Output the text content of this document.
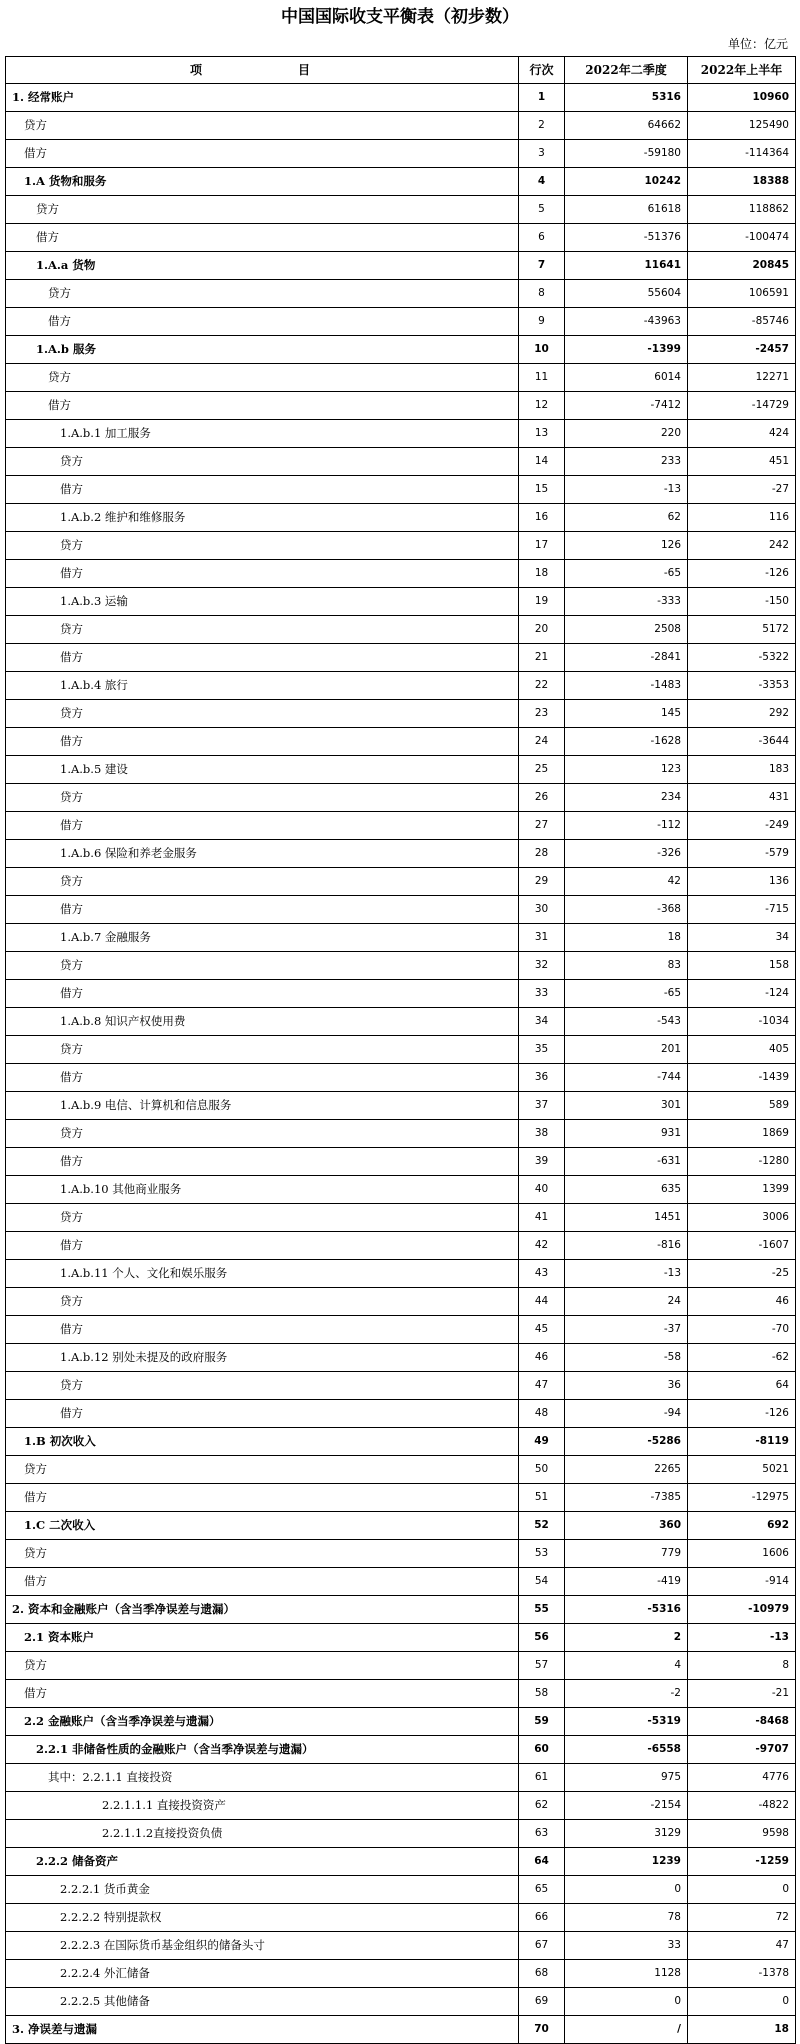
中国国际收支平衡表（初步数）
单位：亿元
项　　目	行次	2022年二季度	2022年上半年
1. 经常账户	1	5316	10960
贷方	2	64662	125490
借方	3	-59180	-114364
1.A 货物和服务	4	10242	18388
贷方	5	61618	118862
借方	6	-51376	-100474
1.A.a 货物	7	11641	20845
贷方	8	55604	106591
借方	9	-43963	-85746
1.A.b 服务	10	-1399	-2457
贷方	11	6014	12271
借方	12	-7412	-14729
1.A.b.1 加工服务	13	220	424
贷方	14	233	451
借方	15	-13	-27
1.A.b.2 维护和维修服务	16	62	116
贷方	17	126	242
借方	18	-65	-126
1.A.b.3 运输	19	-333	-150
贷方	20	2508	5172
借方	21	-2841	-5322
1.A.b.4 旅行	22	-1483	-3353
贷方	23	145	292
借方	24	-1628	-3644
1.A.b.5 建设	25	123	183
贷方	26	234	431
借方	27	-112	-249
1.A.b.6 保险和养老金服务	28	-326	-579
贷方	29	42	136
借方	30	-368	-715
1.A.b.7 金融服务	31	18	34
贷方	32	83	158
借方	33	-65	-124
1.A.b.8 知识产权使用费	34	-543	-1034
贷方	35	201	405
借方	36	-744	-1439
1.A.b.9 电信、计算机和信息服务	37	301	589
贷方	38	931	1869
借方	39	-631	-1280
1.A.b.10 其他商业服务	40	635	1399
贷方	41	1451	3006
借方	42	-816	-1607
1.A.b.11 个人、文化和娱乐服务	43	-13	-25
贷方	44	24	46
借方	45	-37	-70
1.A.b.12 别处未提及的政府服务	46	-58	-62
贷方	47	36	64
借方	48	-94	-126
1.B 初次收入	49	-5286	-8119
贷方	50	2265	5021
借方	51	-7385	-12975
1.C 二次收入	52	360	692
贷方	53	779	1606
借方	54	-419	-914
2. 资本和金融账户（含当季净误差与遗漏）	55	-5316	-10979
2.1 资本账户	56	2	-13
贷方	57	4	8
借方	58	-2	-21
2.2 金融账户（含当季净误差与遗漏）	59	-5319	-8468
2.2.1 非储备性质的金融账户（含当季净误差与遗漏）	60	-6558	-9707
其中：2.2.1.1 直接投资	61	975	4776
2.2.1.1.1 直接投资资产	62	-2154	-4822
2.2.1.1.2直接投资负债	63	3129	9598
2.2.2 储备资产	64	1239	-1259
2.2.2.1 货币黄金	65	0	0
2.2.2.2 特别提款权	66	78	72
2.2.2.3 在国际货币基金组织的储备头寸	67	33	47
2.2.2.4 外汇储备	68	1128	-1378
2.2.2.5 其他储备	69	0	0
3. 净误差与遗漏	70	/	18
